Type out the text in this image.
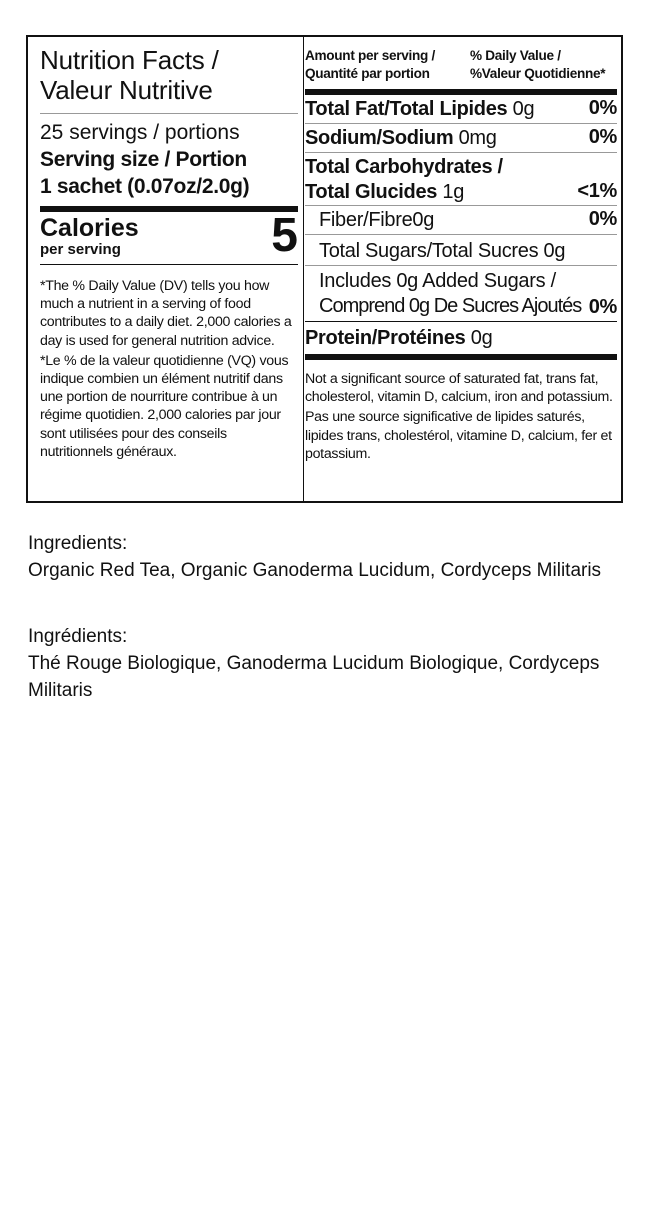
Nutrition Facts /
Valeur Nutritive
25 servings / portions
Serving size / Portion
1 sachet (0.07oz/2.0g)
Calories
per serving	5
*The % Daily Value (DV) tells you how much a nutrient in a serving of food contributes to a daily diet. 2,000 calories a day is used for general nutrition advice.
*Le % de la valeur quotidienne (VQ) vous indique combien un élément nutritif dans une portion de nourriture contribue à un régime quotidien. 2,000 calories par jour sont utilisées pour des conseils nutritionnels généraux.
Amount per serving /
Quantité par portion
% Daily Value /
%Valeur Quotidienne*
Total Fat/Total Lipides 0g	0%
Sodium/Sodium 0mg	0%
Total Carbohydrates /
Total Glucides 1g	<1%
Fiber/Fibre0g	0%
Total Sugars/Total Sucres 0g
Includes 0g Added Sugars /
Comprend 0g De Sucres Ajoutés 0%
Protein/Protéines 0g
Not a significant source of saturated fat, trans fat, cholesterol, vitamin D, calcium, iron and potassium.
Pas une source significative de lipides saturés, lipides trans, cholestérol, vitamine D, calcium, fer et potassium.
Ingredients:
Organic Red Tea, Organic Ganoderma Lucidum, Cordyceps Militaris
Ingrédients:
Thé Rouge Biologique, Ganoderma Lucidum Biologique, Cordyceps Militaris
